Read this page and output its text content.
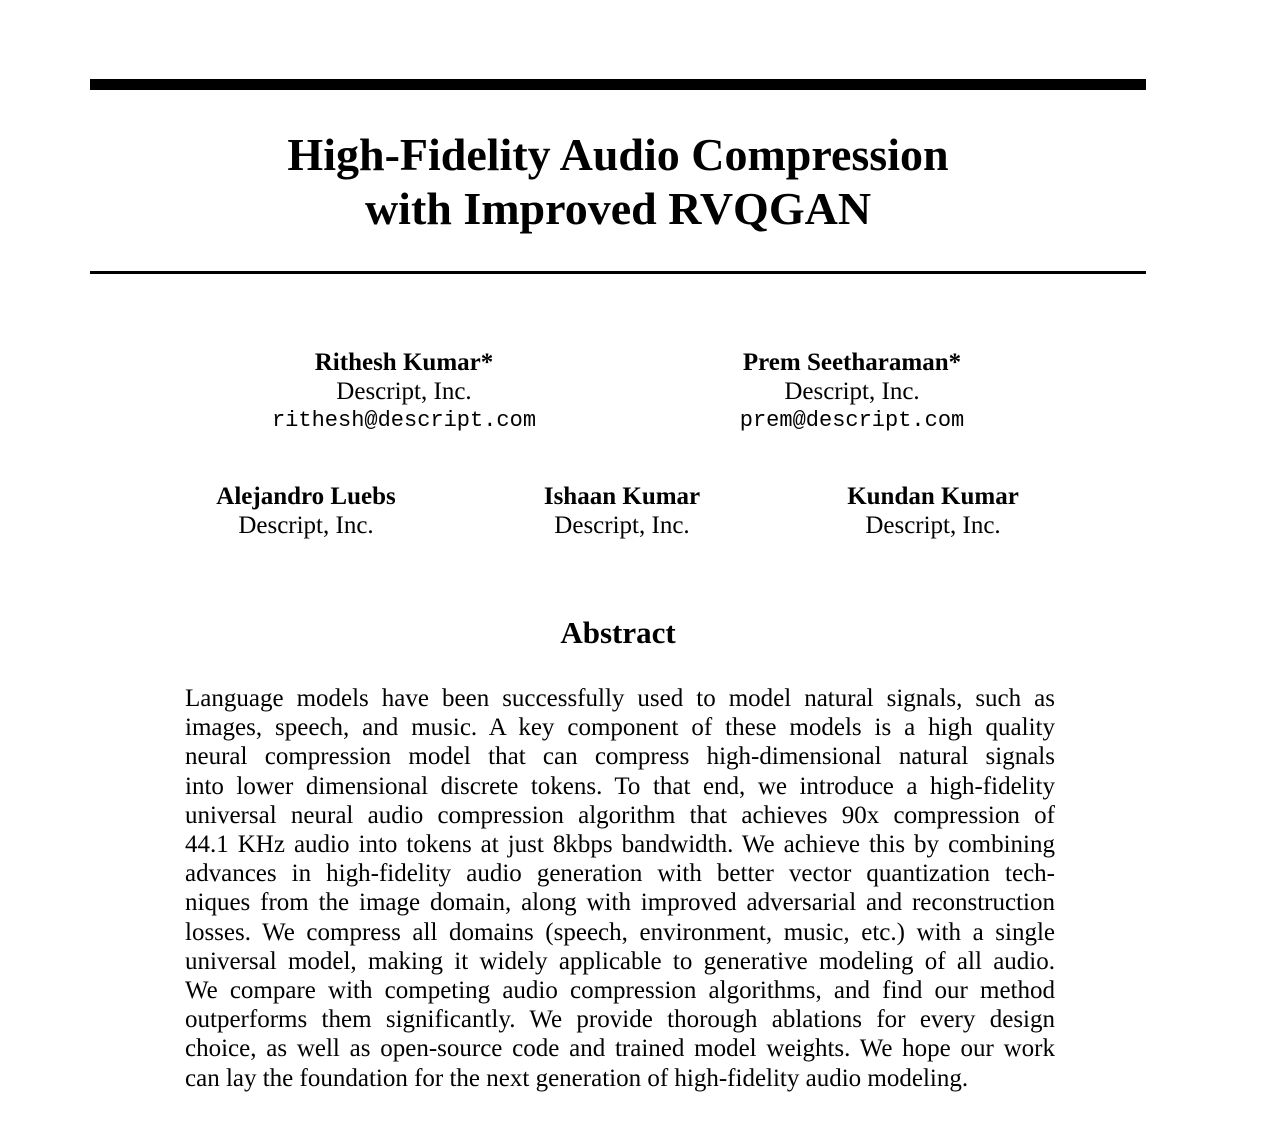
High-Fidelity Audio Compression
with Improved RVQGAN
Rithesh Kumar*
Descript, Inc.
rithesh@descript.com
Prem Seetharaman*
Descript, Inc.
prem@descript.com
Alejandro Luebs
Descript, Inc.
Ishaan Kumar
Descript, Inc.
Kundan Kumar
Descript, Inc.
Abstract
Language models have been successfully used to model natural signals, such as
images, speech, and music. A key component of these models is a high quality
neural compression model that can compress high-dimensional natural signals
into lower dimensional discrete tokens. To that end, we introduce a high-fidelity
universal neural audio compression algorithm that achieves 90x compression of
44.1 KHz audio into tokens at just 8kbps bandwidth. We achieve this by combining
advances in high-fidelity audio generation with better vector quantization tech-
niques from the image domain, along with improved adversarial and reconstruction
losses. We compress all domains (speech, environment, music, etc.) with a single
universal model, making it widely applicable to generative modeling of all audio.
We compare with competing audio compression algorithms, and find our method
outperforms them significantly. We provide thorough ablations for every design
choice, as well as open-source code and trained model weights. We hope our work
can lay the foundation for the next generation of high-fidelity audio modeling.
